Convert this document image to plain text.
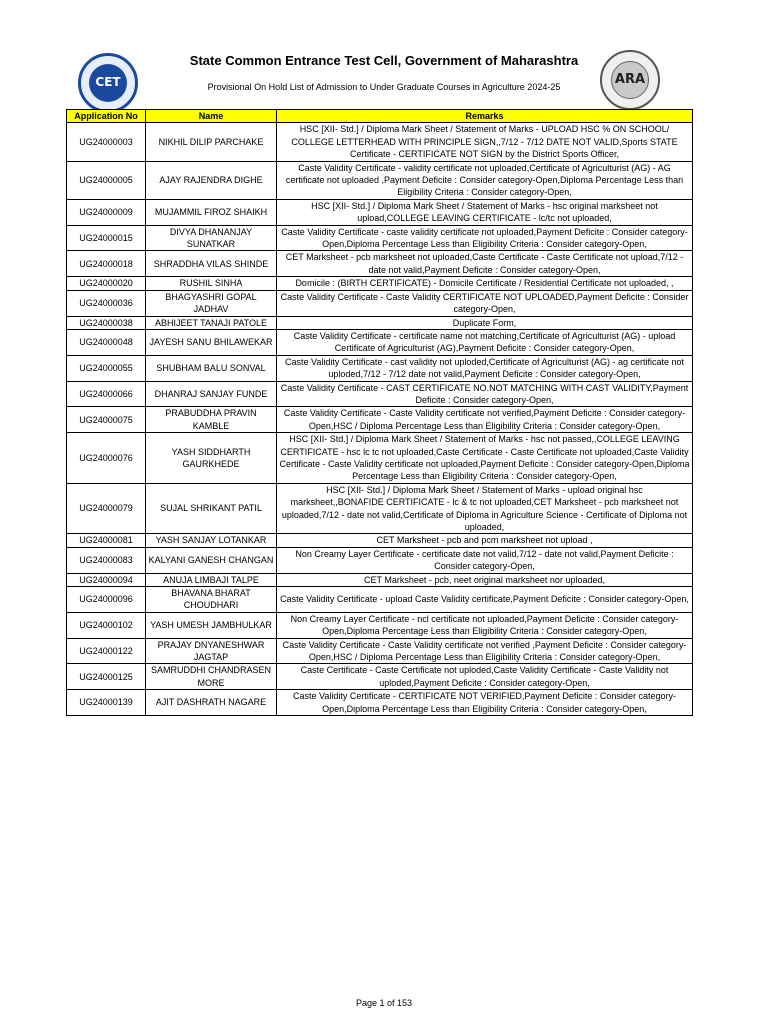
CET
State Common Entrance Test Cell, Government of Maharashtra
Provisional On Hold List of Admission to Under Graduate Courses in Agriculture 2024-25	ARA
Application No	Name	Remarks
UG24000003	NIKHIL DILIP PARCHAKE	HSC [XII- Std.] / Diploma Mark Sheet / Statement of Marks - UPLOAD HSC % ON SCHOOL/ COLLEGE LETTERHEAD WITH PRINCIPLE SIGN,,7/12 - 7/12 DATE NOT VALID,Sports STATE Certificate - CERTIFICATE NOT SIGN by the District Sports Officer,
UG24000005	AJAY RAJENDRA DIGHE	Caste Validity Certificate - validity certificate not uploaded,Certificate of Agriculturist (AG) - AG certificate not uploaded ,Payment Deficite : Consider category-Open,Diploma Percentage Less than Eligibility Criteria : Consider category-Open,
UG24000009	MUJAMMIL FIROZ SHAIKH	HSC [XII- Std.] / Diploma Mark Sheet / Statement of Marks - hsc original marksheet not upload,COLLEGE LEAVING CERTIFICATE - lc/tc not uploaded,
UG24000015	DIVYA DHANANJAY SUNATKAR	Caste Validity Certificate - caste validity certificate not uploaded,Payment Deficite : Consider category-Open,Diploma Percentage Less than Eligibility Criteria : Consider category-Open,
UG24000018	SHRADDHA VILAS SHINDE	CET Marksheet - pcb marksheet not uploaded,Caste Certificate - Caste Certificate not upload,7/12 - date not valid,Payment Deficite : Consider category-Open,
UG24000020	RUSHIL SINHA	Domicile : (BIRTH CERTIFICATE) - Domicile Certificate / Residential Certificate not uploaded, ,
UG24000036	BHAGYASHRI GOPAL JADHAV	Caste Validity Certificate - Caste Validity CERTIFICATE NOT UPLOADED,Payment Deficite : Consider category-Open,
UG24000038	ABHIJEET TANAJI PATOLE	Duplicate Form,
UG24000048	JAYESH SANU BHILAWEKAR	Caste Validity Certificate - certificate name not matching,Certificate of Agriculturist (AG) - upload Certificate of Agriculturist (AG),Payment Deficite : Consider category-Open,
UG24000055	SHUBHAM BALU SONVAL	Caste Validity Certificate - cast validity not uploded,Certificate of Agriculturist (AG) - ag certificate not uploded,7/12 - 7/12 date not valid,Payment Deficite : Consider category-Open,
UG24000066	DHANRAJ SANJAY FUNDE	Caste Validity Certificate - CAST CERTIFICATE NO.NOT MATCHING WITH CAST VALIDITY,Payment Deficite : Consider category-Open,
UG24000075	PRABUDDHA PRAVIN KAMBLE	Caste Validity Certificate - Caste Validity certificate not verified,Payment Deficite : Consider category-Open,HSC / Diploma Percentage Less than Eligibility Criteria : Consider category-Open,
UG24000076	YASH SIDDHARTH GAURKHEDE	HSC [XII- Std.] / Diploma Mark Sheet / Statement of Marks - hsc not passed,,COLLEGE LEAVING CERTIFICATE - hsc lc tc not uploaded,Caste Certificate - Caste Certificate not uploaded,Caste Validity Certificate - Caste Validity certificate not uploaded,Payment Deficite : Consider category-Open,Diploma Percentage Less than Eligibility Criteria : Consider category-Open,
UG24000079	SUJAL SHRIKANT PATIL	HSC [XII- Std.] / Diploma Mark Sheet / Statement of Marks - upload original hsc marksheet,,BONAFIDE CERTIFICATE - lc & tc not uploaded,CET Marksheet - pcb marksheet not uploaded,7/12 - date not valid,Certificate of Diploma in Agriculture Science - Certificate of Diploma not uploaded,
UG24000081	YASH SANJAY LOTANKAR	CET Marksheet - pcb and pcm marksheet not upload ,
UG24000083	KALYANI GANESH CHANGAN	Non Creamy Layer Certificate - certificate date not valid,7/12 - date not valid,Payment Deficite : Consider category-Open,
UG24000094	ANUJA LIMBAJI TALPE	CET Marksheet - pcb, neet original marksheet nor uploaded,
UG24000096	BHAVANA BHARAT CHOUDHARI	Caste Validity Certificate - upload Caste Validity certificate,Payment Deficite : Consider category-Open,
UG24000102	YASH UMESH JAMBHULKAR	Non Creamy Layer Certificate - ncl certificate not uploaded,Payment Deficite : Consider category-Open,Diploma Percentage Less than Eligibility Criteria : Consider category-Open,
UG24000122	PRAJAY DNYANESHWAR JAGTAP	Caste Validity Certificate - Caste Validity certificate not verified ,Payment Deficite : Consider category-Open,HSC / Diploma Percentage Less than Eligibility Criteria : Consider category-Open,
UG24000125	SAMRUDDHI CHANDRASEN MORE	Caste Certificate - Caste Certificate not uploded,Caste Validity Certificate - Caste Validity not uploded,Payment Deficite : Consider category-Open,
UG24000139	AJIT DASHRATH NAGARE	Caste Validity Certificate - CERTIFICATE NOT VERIFIED,Payment Deficite : Consider category-Open,Diploma Percentage Less than Eligibility Criteria : Consider category-Open,
Page 1 of 153
